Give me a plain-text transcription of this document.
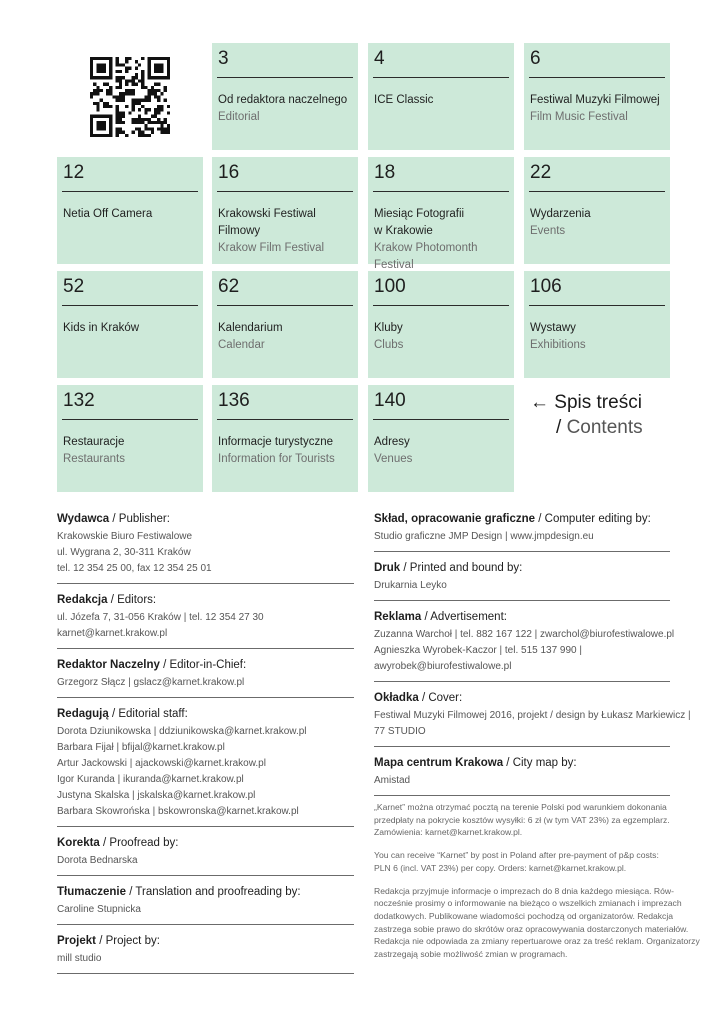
3
Od redaktora naczelnego
Editorial
4
ICE Classic
6
Festiwal Muzyki Filmowej
Film Music Festival
12
Netia Off Camera
16
Krakowski Festiwal
Filmowy
Krakow Film Festival
18
Miesiąc Fotografii
w Krakowie
Krakow Photomonth Festival
22
Wydarzenia
Events
52
Kids in Kraków
62
Kalendarium
Calendar
100
Kluby
Clubs
106
Wystawy
Exhibitions
132
Restauracje
Restaurants
136
Informacje turystyczne
Information for Tourists
140
Adresy
Venues
← Spis treści
/ Contents
Wydawca / Publisher:
Krakowskie Biuro Festiwalowe
ul. Wygrana 2, 30-311 Kraków
tel. 12 354 25 00, fax 12 354 25 01
Redakcja / Editors:
ul. Józefa 7, 31-056 Kraków | tel. 12 354 27 30
karnet@karnet.krakow.pl
Redaktor Naczelny / Editor-in-Chief:
Grzegorz Słącz | gslacz@karnet.krakow.pl
Redagują / Editorial staff:
Dorota Dziunikowska | ddziunikowska@karnet.krakow.pl
Barbara Fijał | bfijal@karnet.krakow.pl
Artur Jackowski | ajackowski@karnet.krakow.pl
Igor Kuranda | ikuranda@karnet.krakow.pl
Justyna Skalska | jskalska@karnet.krakow.pl
Barbara Skowrońska | bskowronska@karnet.krakow.pl
Korekta / Proofread by:
Dorota Bednarska
Tłumaczenie / Translation and proofreading by:
Caroline Stupnicka
Projekt / Project by:
mill studio
Skład, opracowanie graficzne / Computer editing by:
Studio graficzne JMP Design | www.jmpdesign.eu
Druk / Printed and bound by:
Drukarnia Leyko
Reklama / Advertisement:
Zuzanna Warchoł | tel. 882 167 122 | zwarchol@biurofestiwalowe.pl
Agnieszka Wyrobek-Kaczor | tel. 515 137 990 |
awyrobek@biurofestiwalowe.pl
Okładka / Cover:
Festiwal Muzyki Filmowej 2016, projekt / design by Łukasz Markiewicz |
77 STUDIO
Mapa centrum Krakowa / City map by:
Amistad

„Karnet” można otrzymać pocztą na terenie Polski pod warunkiem dokonania
przedpłaty na pokrycie kosztów wysyłki: 6 zł (w tym VAT 23%) za egzemplarz.
Zamówienia: karnet@karnet.krakow.pl.

You can receive “Karnet” by post in Poland after pre-payment of p&p costs:
PLN 6 (incl. VAT 23%) per copy. Orders: karnet@karnet.krakow.pl.

Redakcja przyjmuje informacje o imprezach do 8 dnia każdego miesiąca. Rów-
nocześnie prosimy o informowanie na bieżąco o wszelkich zmianach i imprezach
dodatkowych. Publikowane wiadomości pochodzą od organizatorów. Redakcja
zastrzega sobie prawo do skrótów oraz opracowywania dostarczonych materiałów.
Redakcja nie odpowiada za zmiany repertuarowe oraz za treść reklam. Organizatorzy
zastrzegają sobie możliwość zmian w programach.
